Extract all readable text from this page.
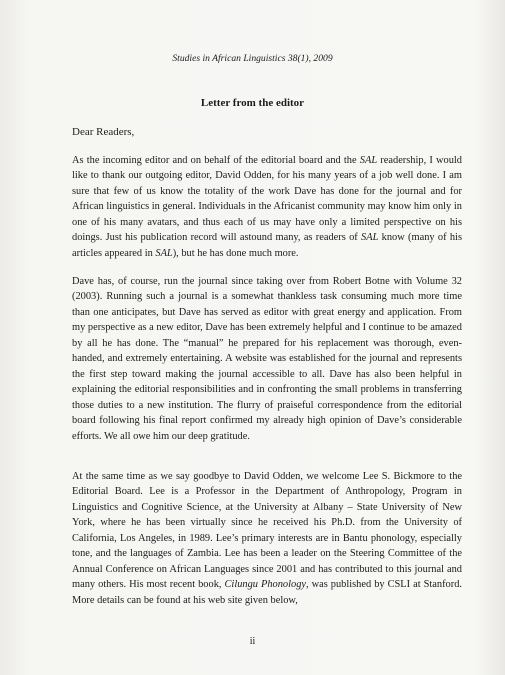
Studies in African Linguistics 38(1), 2009
Letter from the editor
Dear Readers,

As the incoming editor and on behalf of the editorial board and the SAL readership, I would like to thank our outgoing editor, David Odden, for his many years of a job well done. I am sure that few of us know the totality of the work Dave has done for the journal and for African linguistics in general. Individuals in the Africanist community may know him only in one of his many avatars, and thus each of us may have only a limited perspective on his doings. Just his publication record will astound many, as readers of SAL know (many of his articles appeared in SAL), but he has done much more.

Dave has, of course, run the journal since taking over from Robert Botne with Volume 32 (2003). Running such a journal is a somewhat thankless task consuming much more time than one anticipates, but Dave has served as editor with great energy and application. From my perspective as a new editor, Dave has been extremely helpful and I continue to be amazed by all he has done. The “manual” he prepared for his replacement was thorough, even-handed, and extremely entertaining. A website was established for the journal and represents the first step toward making the journal accessible to all. Dave has also been helpful in explaining the editorial responsibilities and in confronting the small problems in transferring those duties to a new institution. The flurry of praiseful correspondence from the editorial board following his final report confirmed my already high opinion of Dave’s considerable efforts. We all owe him our deep gratitude.

At the same time as we say goodbye to David Odden, we welcome Lee S. Bickmore to the Editorial Board. Lee is a Professor in the Department of Anthropology, Program in Linguistics and Cognitive Science, at the University at Albany – State University of New York, where he has been virtually since he received his Ph.D. from the University of California, Los Angeles, in 1989. Lee’s primary interests are in Bantu phonology, especially tone, and the languages of Zambia. Lee has been a leader on the Steering Committee of the Annual Conference on African Languages since 2001 and has contributed to this journal and many others. His most recent book, Cilungu Phonology, was published by CSLI at Stanford. More details can be found at his web site given below,

ii
